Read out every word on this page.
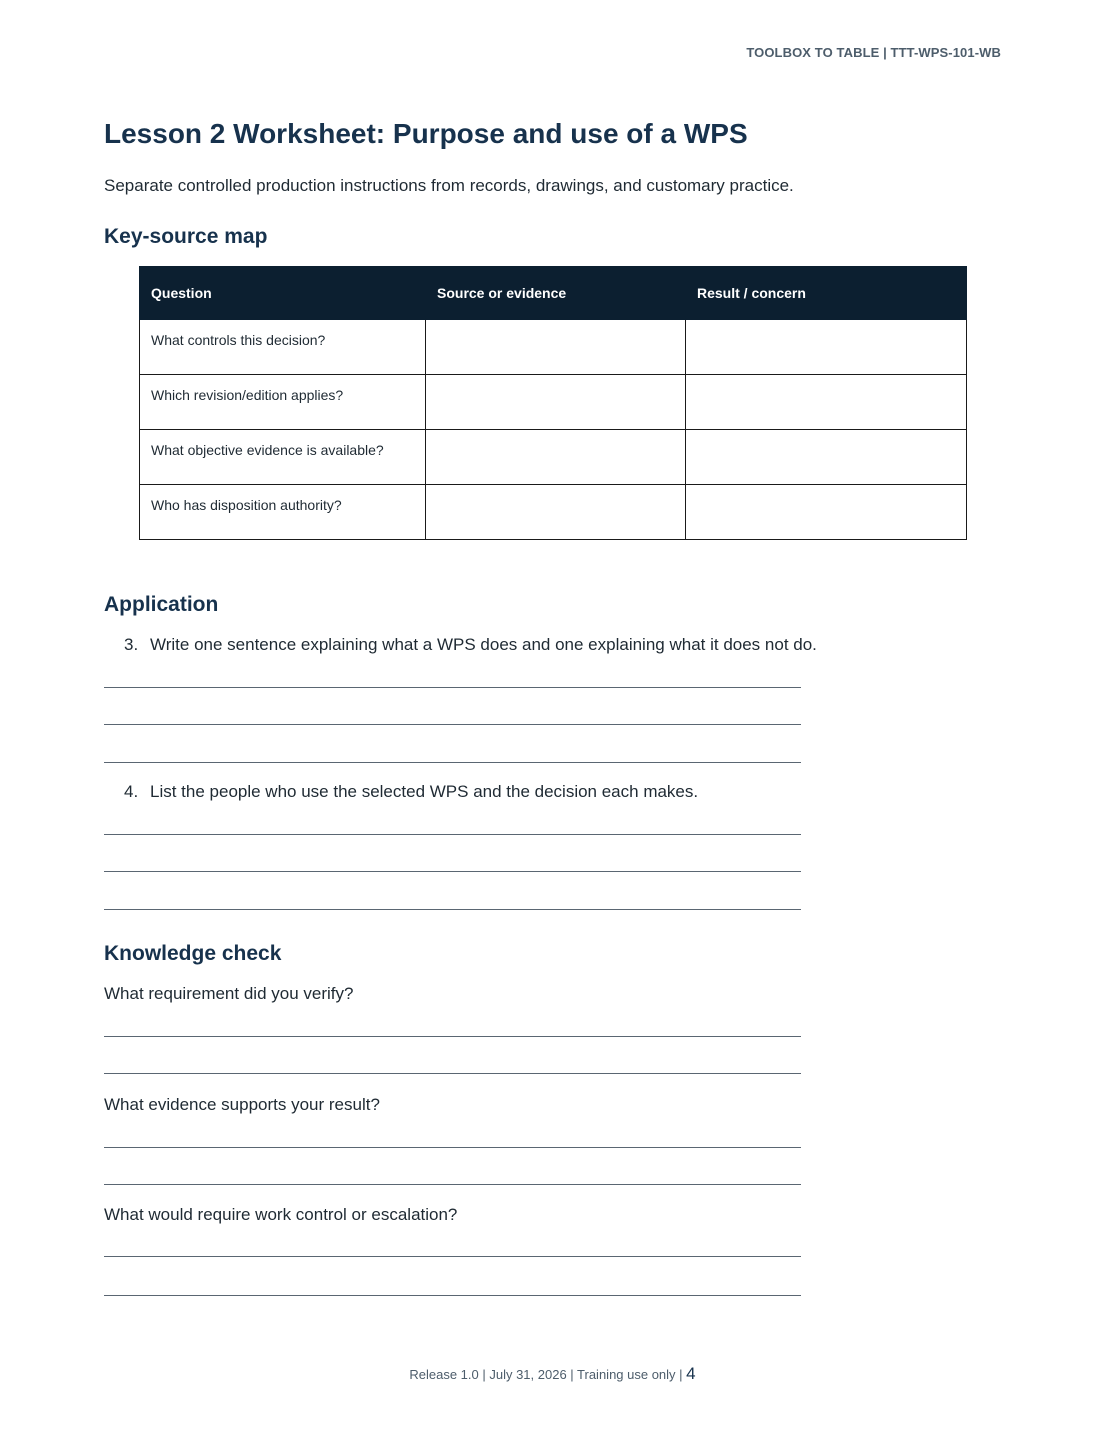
TOOLBOX TO TABLE | TTT-WPS-101-WB
Lesson 2 Worksheet: Purpose and use of a WPS

Separate controlled production instructions from records, drawings, and customary practice.

Key-source map
Question	Source or evidence	Result / concern
What controls this decision?		
Which revision/edition applies?		
What objective evidence is available?		
Who has disposition authority?		
Application

3. Write one sentence explaining what a WPS does and one explaining what it does not do.

4. List the people who use the selected WPS and the decision each makes.

Knowledge check

What requirement did you verify?

What evidence supports your result?

What would require work control or escalation?

Release 1.0 | July 31, 2026 | Training use only | 4
